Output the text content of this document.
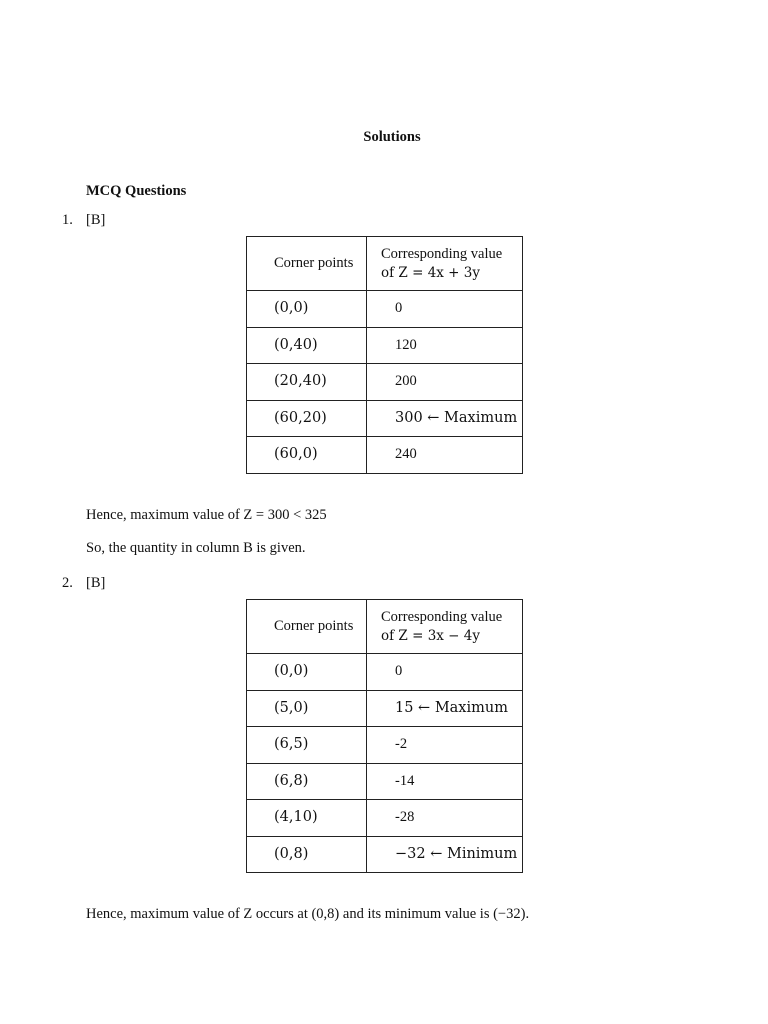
Solutions
MCQ Questions
1. [B]
Corner points	Corresponding value
of Z = 4x + 3y

(0,0)	0
(0,40)	120
(20,40)	200
(60,20)	300 ← Maximum
(60,0)	240
Hence, maximum value of Z = 300 < 325
So, the quantity in column B is given.
2. [B]
Corner points	Corresponding value
of Z = 3x − 4y

(0,0)	0
(5,0)	15 ← Maximum
(6,5)	-2
(6,8)	-14
(4,10)	-28
(0,8)	−32 ← Minimum
Hence, maximum value of Z occurs at (0,8) and its minimum value is (−32).
